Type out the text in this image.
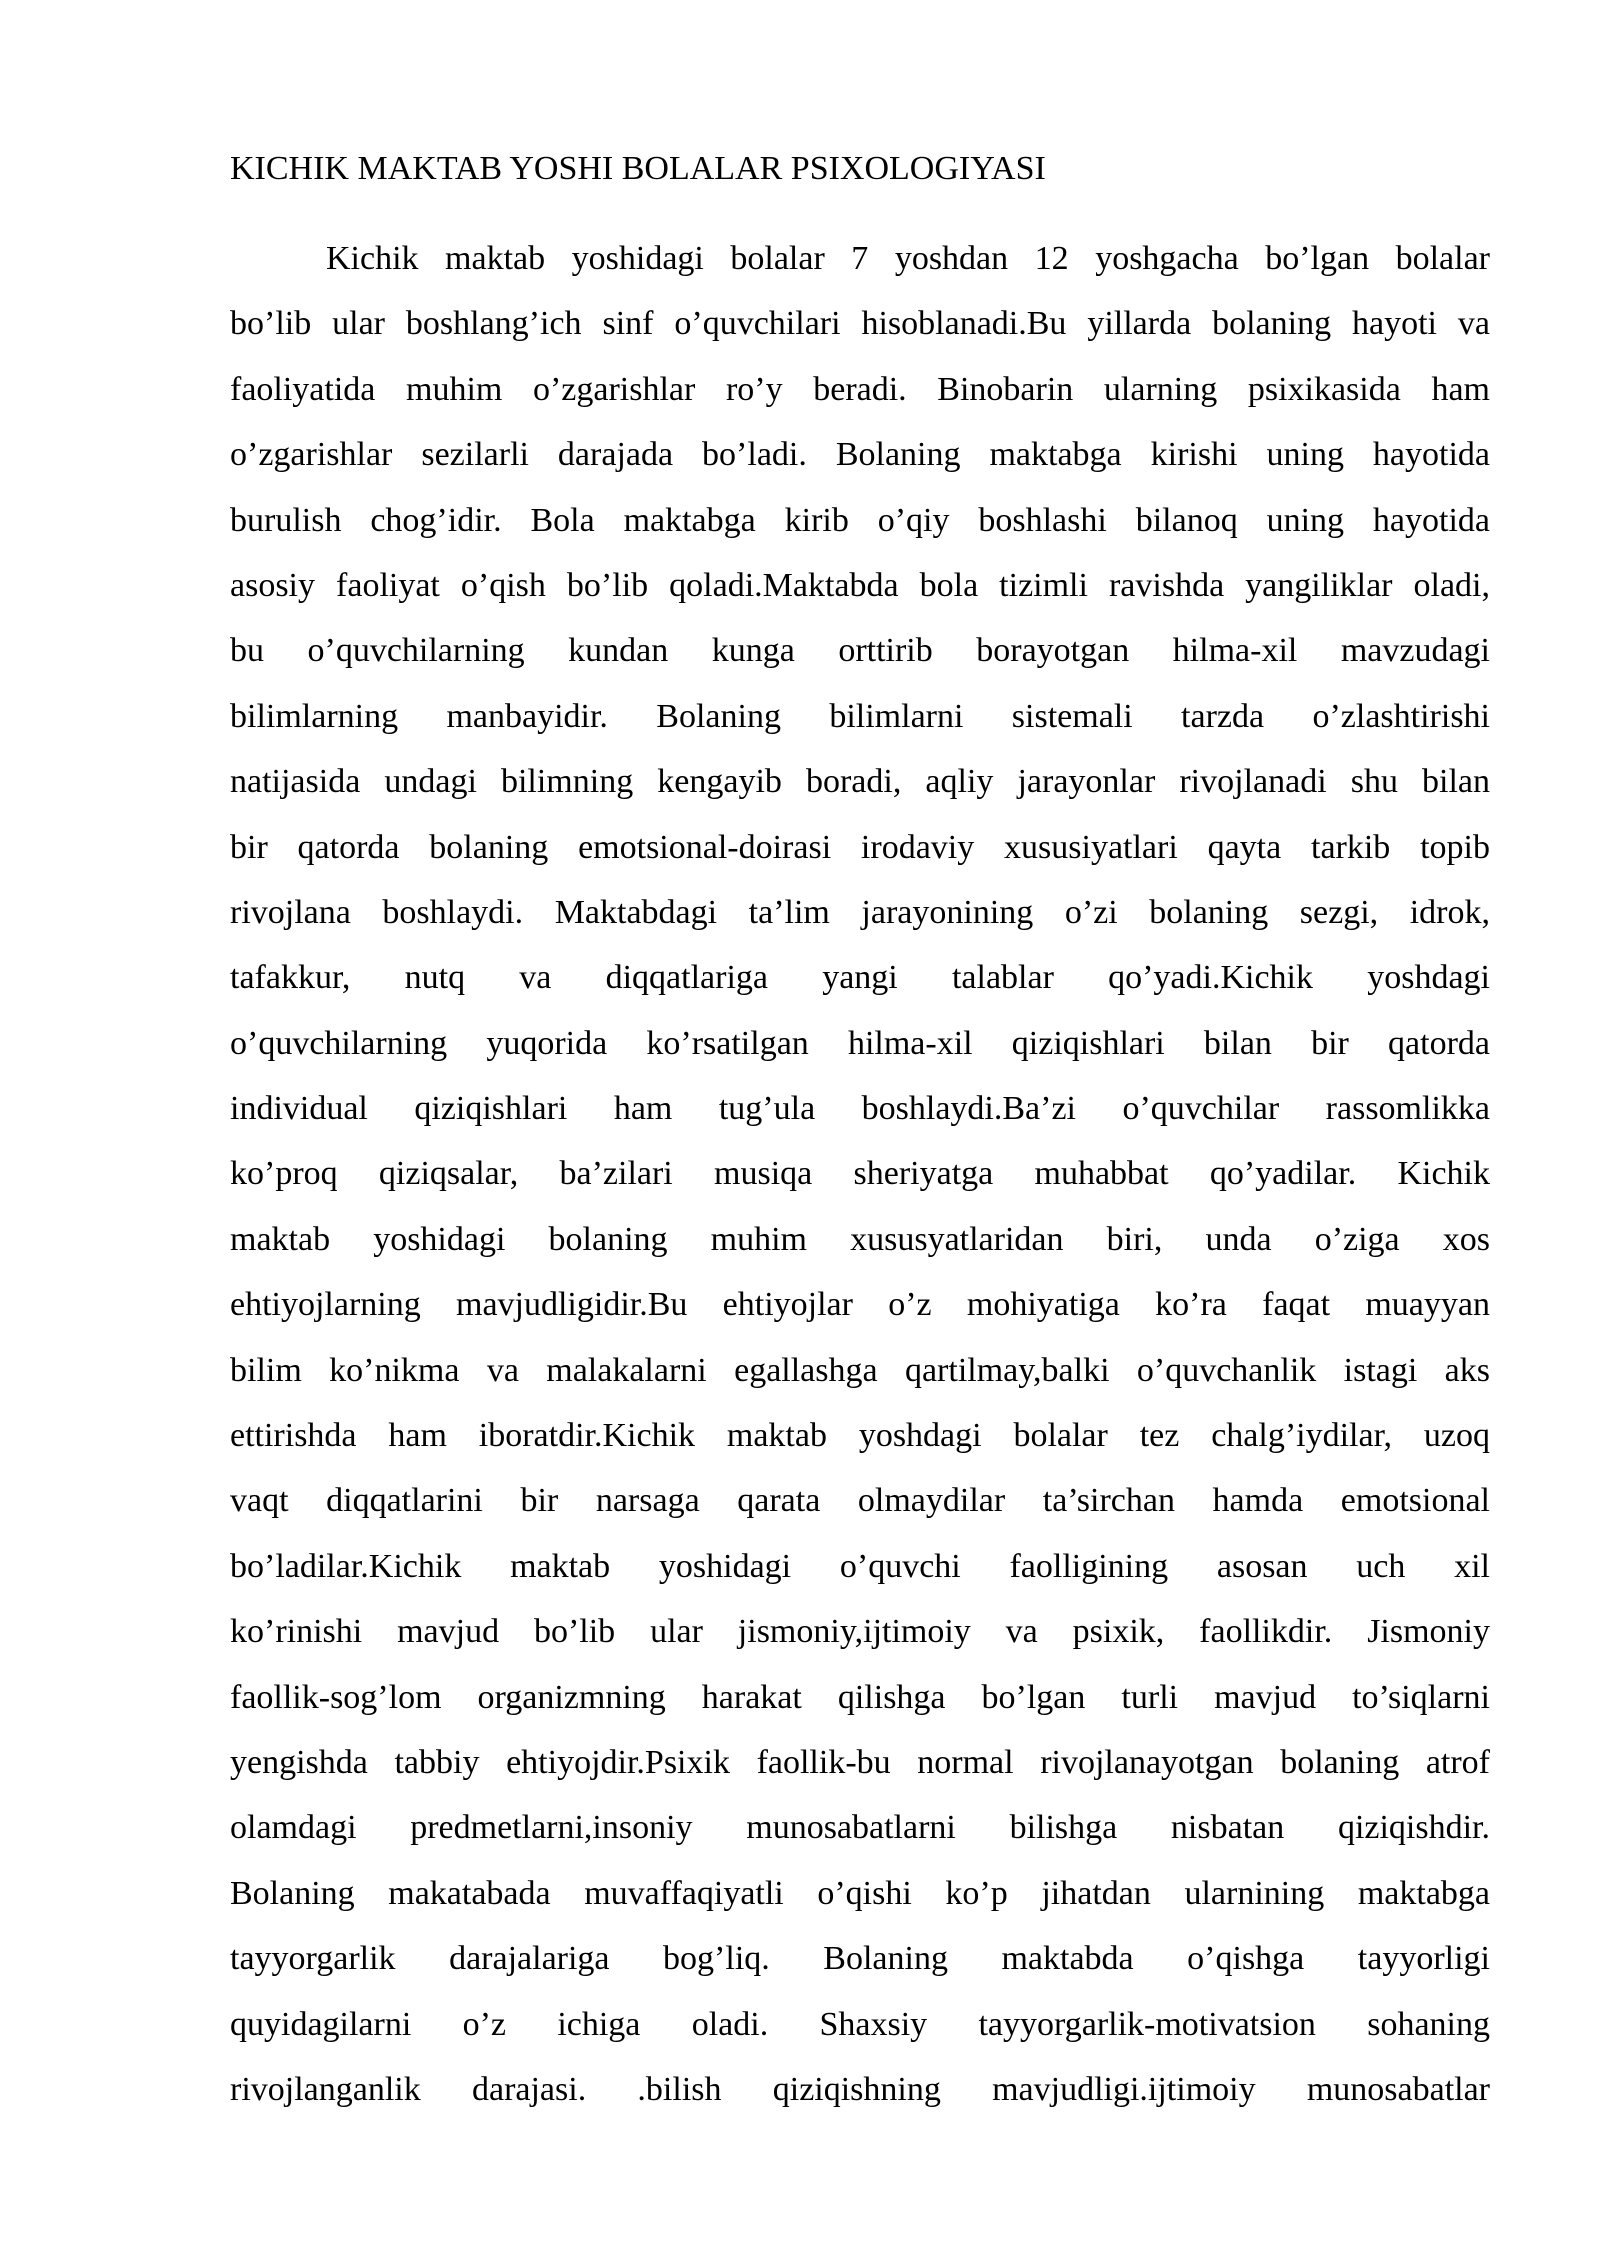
KICHIK MAKTAB YOSHI BOLALAR PSIXOLOGIYASI
Kichik maktab yoshidagi bolalar 7 yoshdan 12 yoshgacha bo’lgan bolalar
bo’lib ular boshlang’ich sinf o’quvchilari hisoblanadi.Bu yillarda bolaning hayoti va
faoliyatida muhim o’zgarishlar ro’y beradi. Binobarin ularning psixikasida ham
o’zgarishlar sezilarli darajada bo’ladi. Bolaning maktabga kirishi uning hayotida
burulish chog’idir. Bola maktabga kirib o’qiy boshlashi bilanoq uning hayotida
asosiy faoliyat o’qish bo’lib qoladi.Maktabda bola tizimli ravishda yangiliklar oladi,
bu o’quvchilarning kundan kunga orttirib borayotgan hilma-xil mavzudagi
bilimlarning manbayidir. Bolaning bilimlarni sistemali tarzda o’zlashtirishi
natijasida undagi bilimning kengayib boradi, aqliy jarayonlar rivojlanadi shu bilan
bir qatorda bolaning emotsional-doirasi irodaviy xususiyatlari qayta tarkib topib
rivojlana boshlaydi. Maktabdagi ta’lim jarayonining o’zi bolaning sezgi, idrok,
tafakkur, nutq va diqqatlariga yangi talablar qo’yadi.Kichik yoshdagi
o’quvchilarning yuqorida ko’rsatilgan hilma-xil qiziqishlari bilan bir qatorda
individual qiziqishlari ham tug’ula boshlaydi.Ba’zi o’quvchilar rassomlikka
ko’proq qiziqsalar, ba’zilari musiqa sheriyatga muhabbat qo’yadilar. Kichik
maktab yoshidagi bolaning muhim xususyatlaridan biri, unda o’ziga xos
ehtiyojlarning mavjudligidir.Bu ehtiyojlar o’z mohiyatiga ko’ra faqat muayyan
bilim ko’nikma va malakalarni egallashga qartilmay,balki o’quvchanlik istagi aks
ettirishda ham iboratdir.Kichik maktab yoshdagi bolalar tez chalg’iydilar, uzoq
vaqt diqqatlarini bir narsaga qarata olmaydilar ta’sirchan hamda emotsional
bo’ladilar.Kichik maktab yoshidagi o’quvchi faolligining asosan uch xil
ko’rinishi mavjud bo’lib ular jismoniy,ijtimoiy va psixik, faollikdir. Jismoniy
faollik-sog’lom organizmning harakat qilishga bo’lgan turli mavjud to’siqlarni
yengishda tabbiy ehtiyojdir.Psixik faollik-bu normal rivojlanayotgan bolaning atrof
olamdagi predmetlarni,insoniy munosabatlarni bilishga nisbatan qiziqishdir.
Bolaning makatabada muvaffaqiyatli o’qishi ko’p jihatdan ularnining maktabga
tayyorgarlik darajalariga bog’liq. Bolaning maktabda o’qishga tayyorligi
quyidagilarni o’z ichiga oladi. Shaxsiy tayyorgarlik-motivatsion sohaning
rivojlanganlik darajasi. .bilish qiziqishning mavjudligi.ijtimoiy munosabatlar
